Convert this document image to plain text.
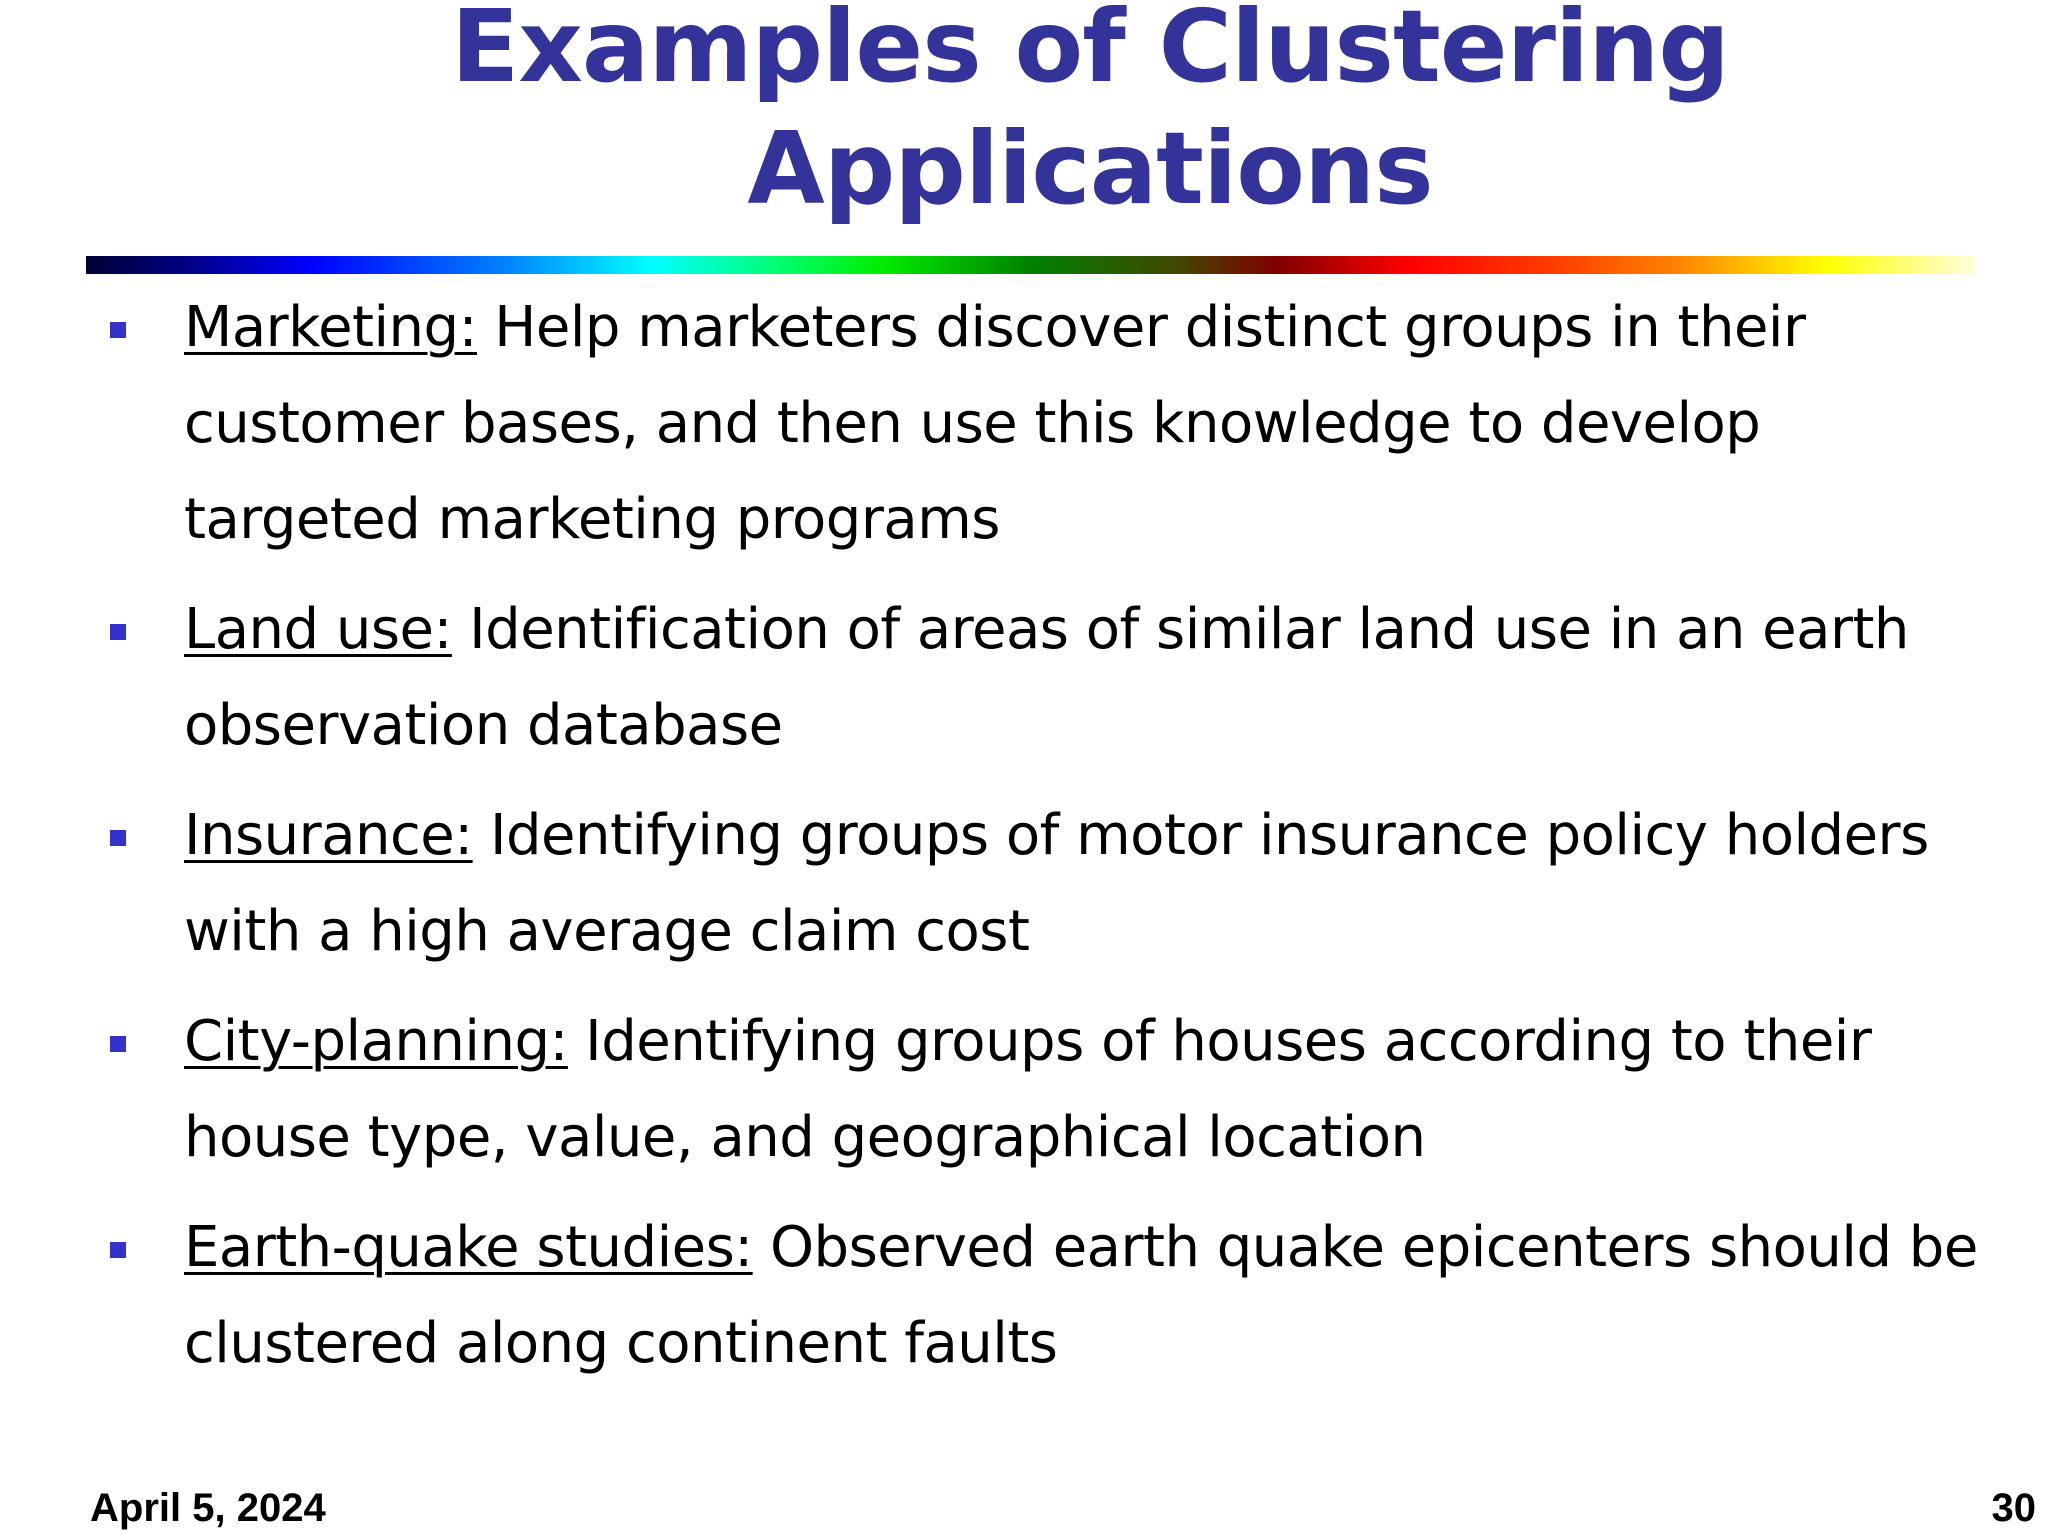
Examples of Clustering
Applications
Marketing: Help marketers discover distinct groups in their customer bases, and then use this knowledge to develop targeted marketing programs
Land use: Identification of areas of similar land use in an earth observation database
Insurance: Identifying groups of motor insurance policy holders with a high average claim cost
City-planning: Identifying groups of houses according to their house type, value, and geographical location
Earth-quake studies: Observed earth quake epicenters should be clustered along continent faults
April 5, 2024	30
